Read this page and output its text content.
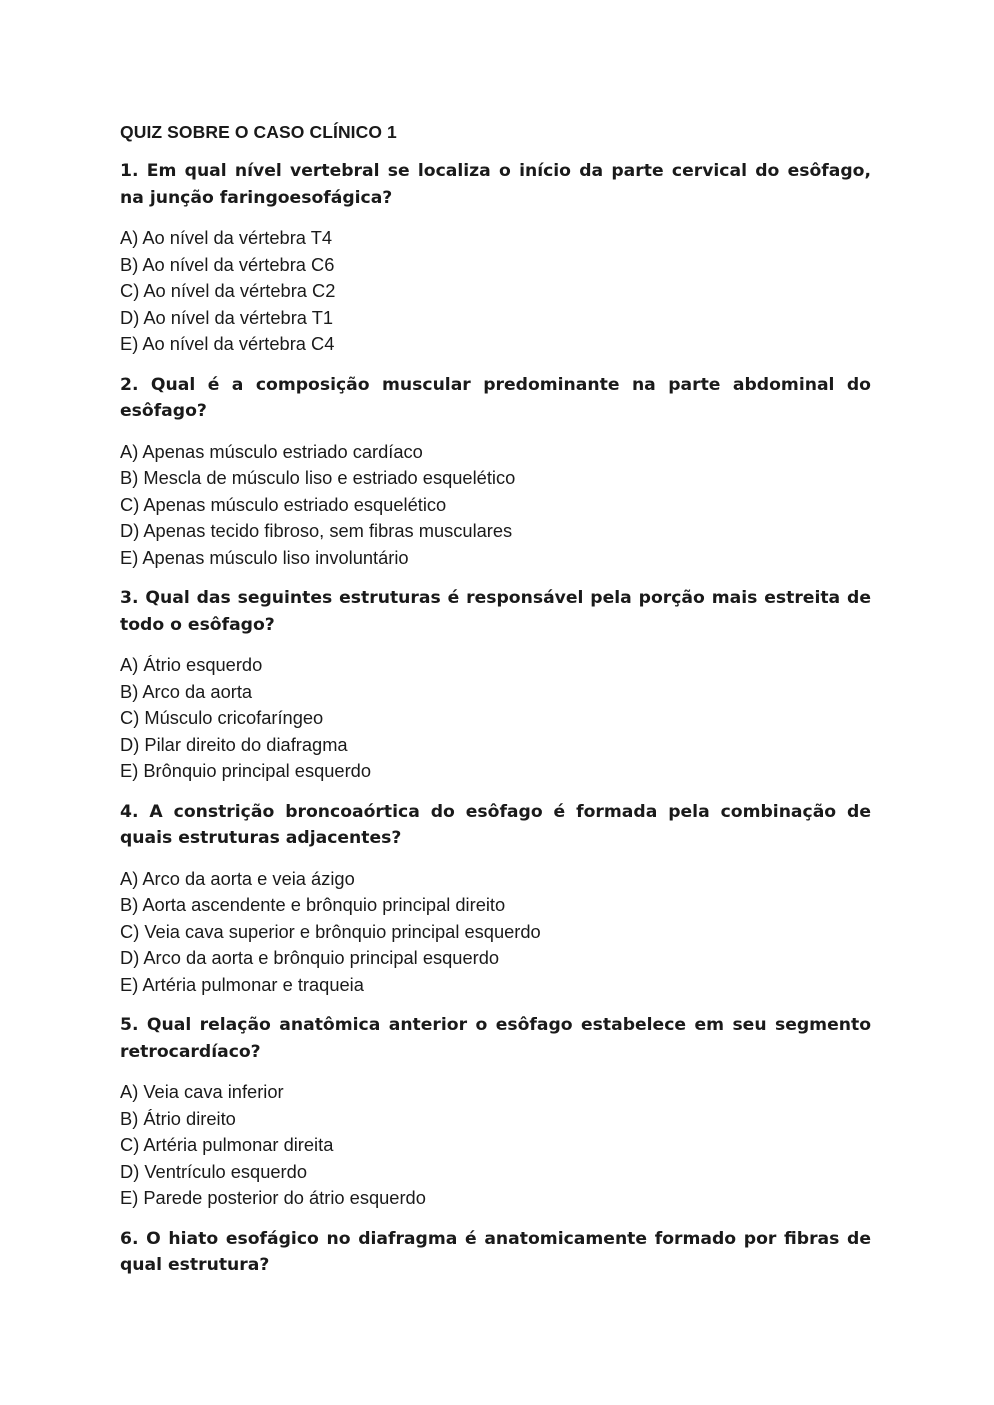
QUIZ SOBRE O CASO CLÍNICO 1

1. Em qual nível vertebral se localiza o início da parte cervical do esôfago, na junção faringoesofágica?

A) Ao nível da vértebra T4
B) Ao nível da vértebra C6
C) Ao nível da vértebra C2
D) Ao nível da vértebra T1
E) Ao nível da vértebra C4

2. Qual é a composição muscular predominante na parte abdominal do esôfago?

A) Apenas músculo estriado cardíaco
B) Mescla de músculo liso e estriado esquelético
C) Apenas músculo estriado esquelético
D) Apenas tecido fibroso, sem fibras musculares
E) Apenas músculo liso involuntário

3. Qual das seguintes estruturas é responsável pela porção mais estreita de todo o esôfago?

A) Átrio esquerdo
B) Arco da aorta
C) Músculo cricofaríngeo
D) Pilar direito do diafragma
E) Brônquio principal esquerdo

4. A constrição broncoaórtica do esôfago é formada pela combinação de quais estruturas adjacentes?

A) Arco da aorta e veia ázigo
B) Aorta ascendente e brônquio principal direito
C) Veia cava superior e brônquio principal esquerdo
D) Arco da aorta e brônquio principal esquerdo
E) Artéria pulmonar e traqueia

5. Qual relação anatômica anterior o esôfago estabelece em seu segmento retrocardíaco?

A) Veia cava inferior
B) Átrio direito
C) Artéria pulmonar direita
D) Ventrículo esquerdo
E) Parede posterior do átrio esquerdo

6. O hiato esofágico no diafragma é anatomicamente formado por fibras de qual estrutura?
